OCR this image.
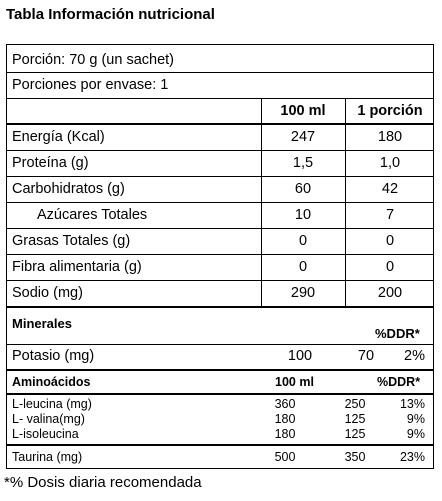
Tabla Información nutricional
Porción: 70 g (un sachet)
Porciones por envase: 1
100 ml	1 porción
Energía (Kcal)	247	180
Proteína (g)	1,5	1,0
Carbohidratos (g)	60	42
Azúcares Totales	10	7
Grasas Totales (g)	0	0
Fibra alimentaria (g)	0	0
Sodio (mg)	290	200
Minerales
%DDR*
Potasio (mg)	100	70	2%
Aminoácidos	100 ml	%DDR*
L-leucina (mg)	360	250	13%
L- valina(mg)	180	125	9%
L-isoleucina	180	125	9%
Taurina (mg)	500	350	23%
*% Dosis diaria recomendada
